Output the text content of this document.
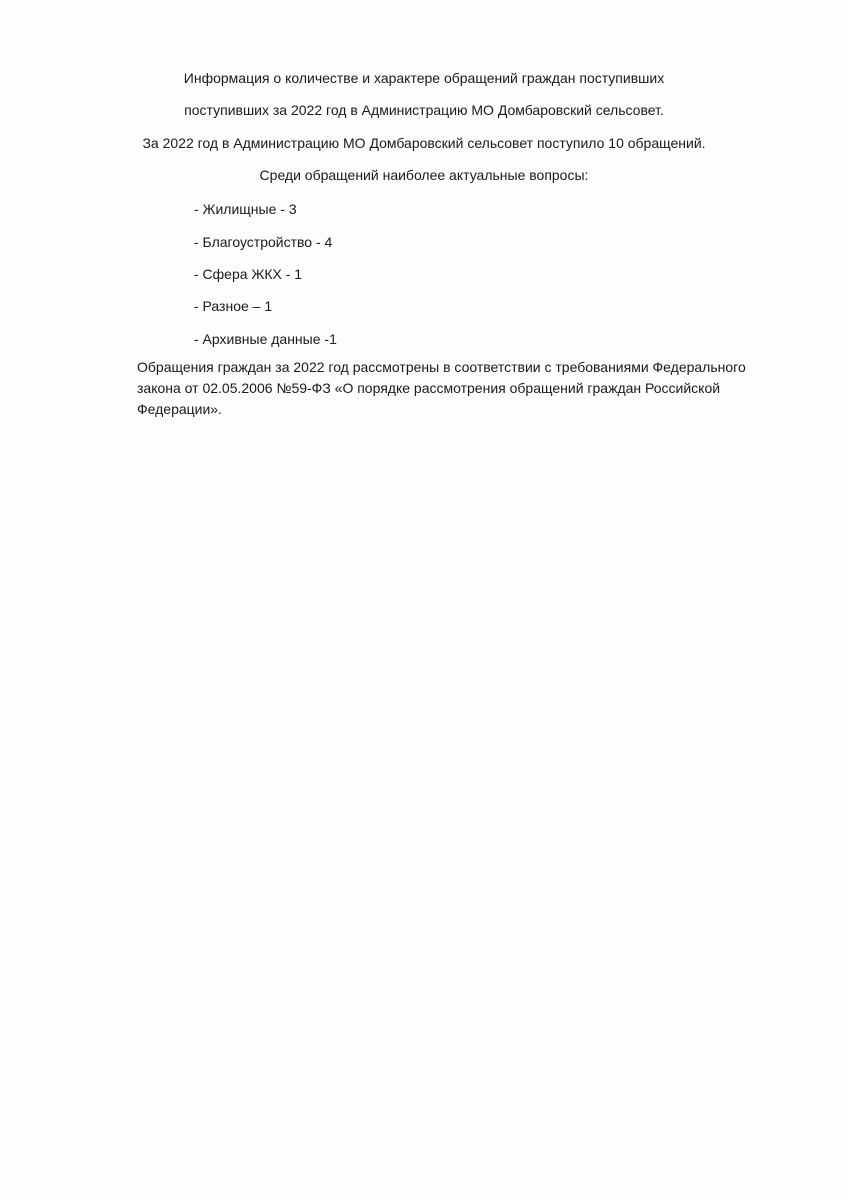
Информация о количестве и характере обращений граждан поступивших
поступивших за 2022 год в Администрацию МО Домбаровский сельсовет.
За 2022 год в Администрацию МО Домбаровский сельсовет поступило 10 обращений.
Среди обращений наиболее актуальные вопросы:
- Жилищные - 3
- Благоустройство - 4
- Сфера ЖКХ - 1
- Разное – 1
- Архивные данные -1
Обращения граждан за 2022 год рассмотрены в соответствии с требованиями Федерального
закона от 02.05.2006 №59-ФЗ «О порядке рассмотрения обращений граждан Российской
Федерации».
